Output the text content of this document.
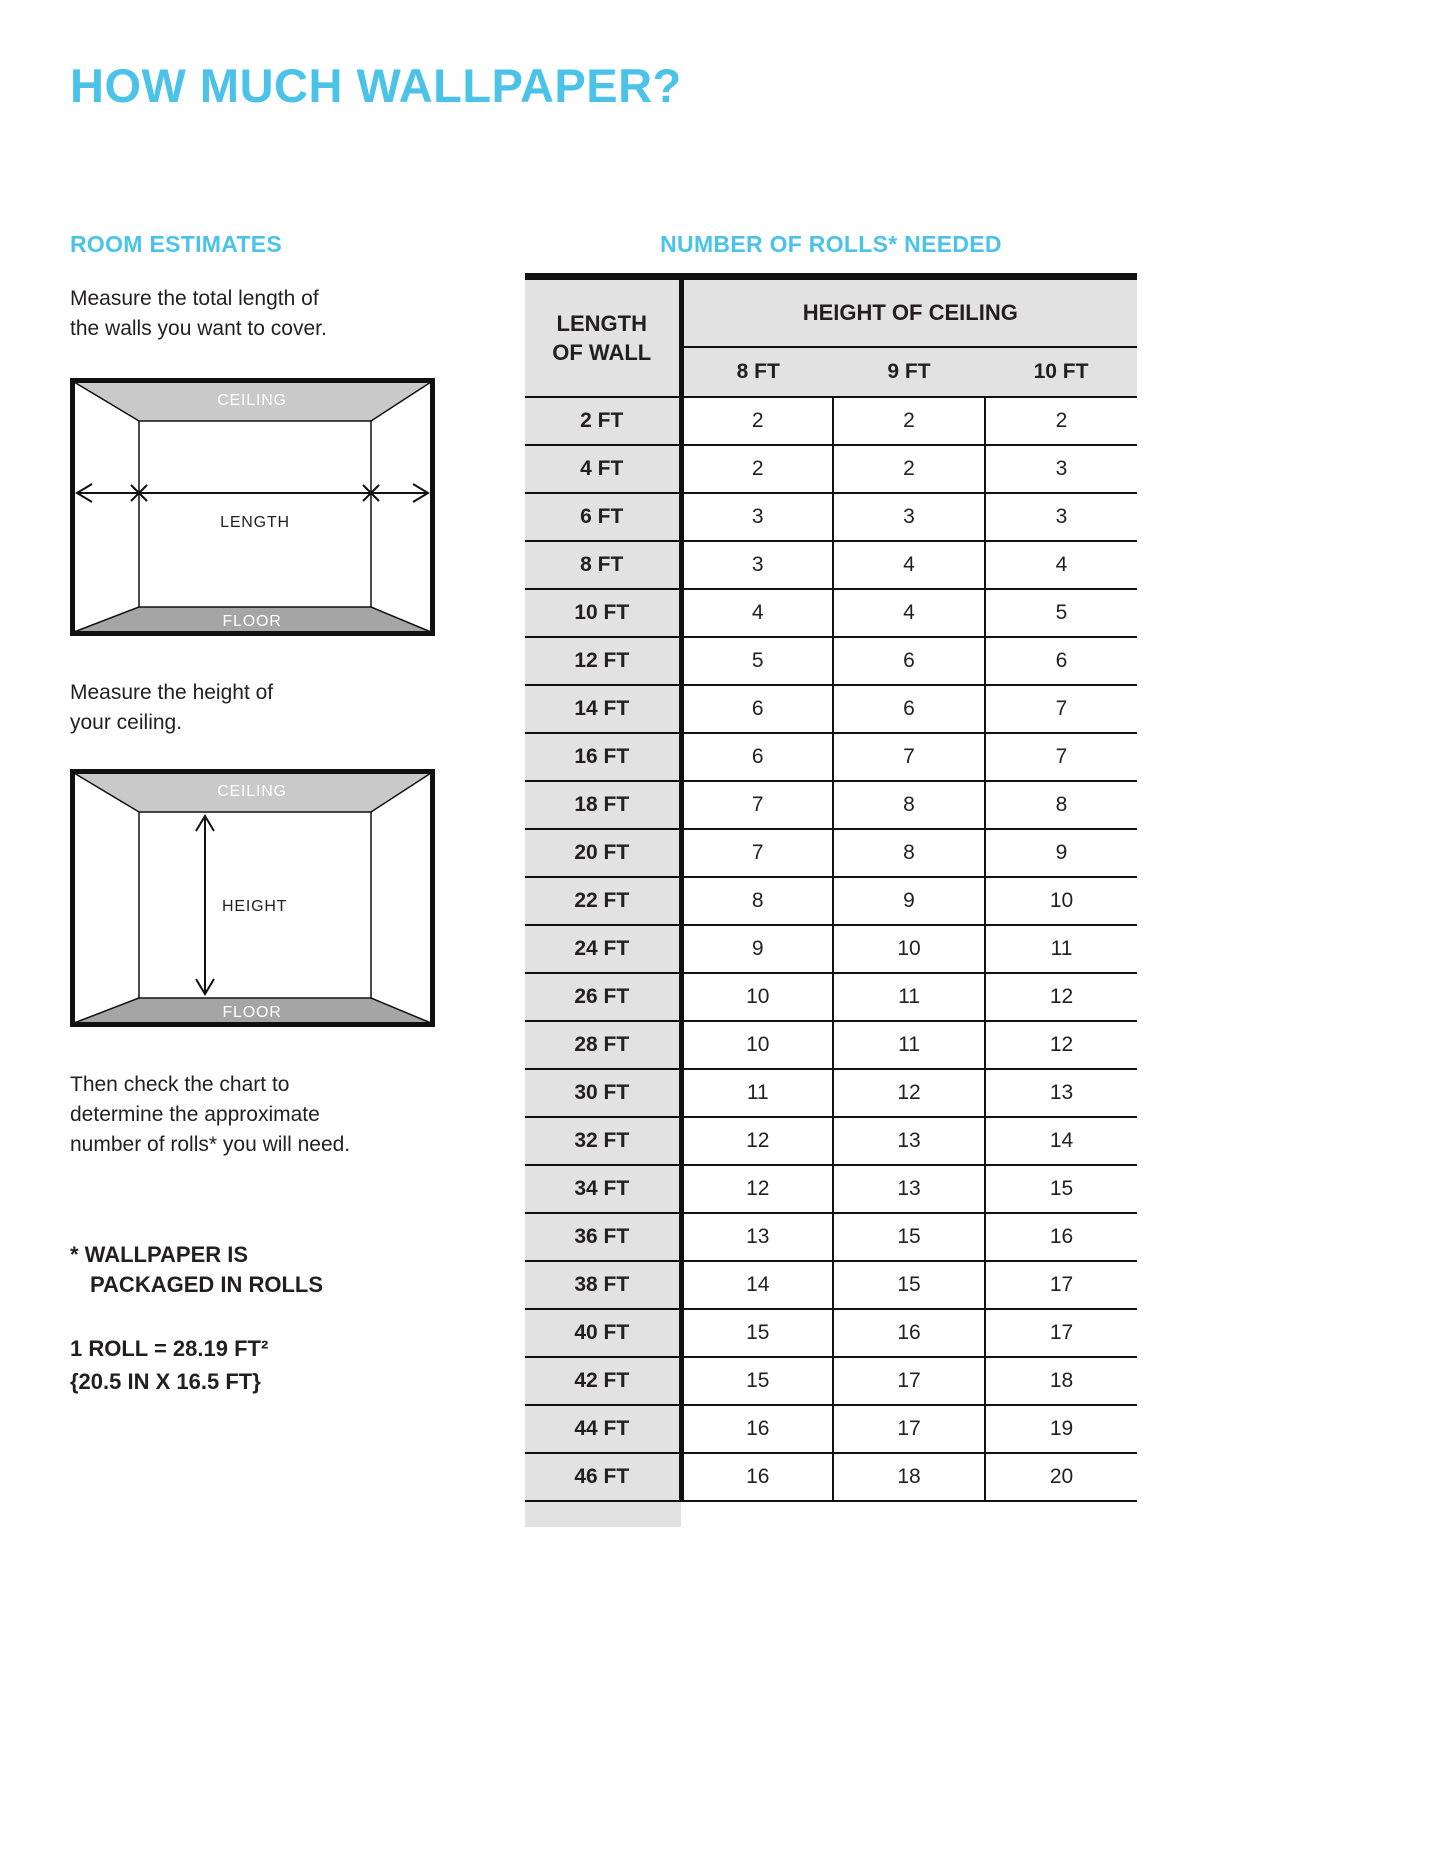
HOW MUCH WALLPAPER?
ROOM ESTIMATES

Measure the total length of
the walls you want to cover.

CEILING
FLOOR
LENGTH

Measure the height of
your ceiling.

CEILING
FLOOR
HEIGHT

Then check the chart to
determine the approximate
number of rolls* you will need.

* WALLPAPER IS
PACKAGED IN ROLLS

1 ROLL = 28.19 FT²
{20.5 IN X 16.5 FT}

NUMBER OF ROLLS* NEEDED
LENGTH
OF WALL	HEIGHT OF CEILING		
	8 FT	9 FT	10 FT
2 FT	2	2	2
4 FT	2	2	3
6 FT	3	3	3
8 FT	3	4	4
10 FT	4	4	5
12 FT	5	6	6
14 FT	6	6	7
16 FT	6	7	7
18 FT	7	8	8
20 FT	7	8	9
22 FT	8	9	10
24 FT	9	10	11
26 FT	10	11	12
28 FT	10	11	12
30 FT	11	12	13
32 FT	12	13	14
34 FT	12	13	15
36 FT	13	15	16
38 FT	14	15	17
40 FT	15	16	17
42 FT	15	17	18
44 FT	16	17	19
46 FT	16	18	20
